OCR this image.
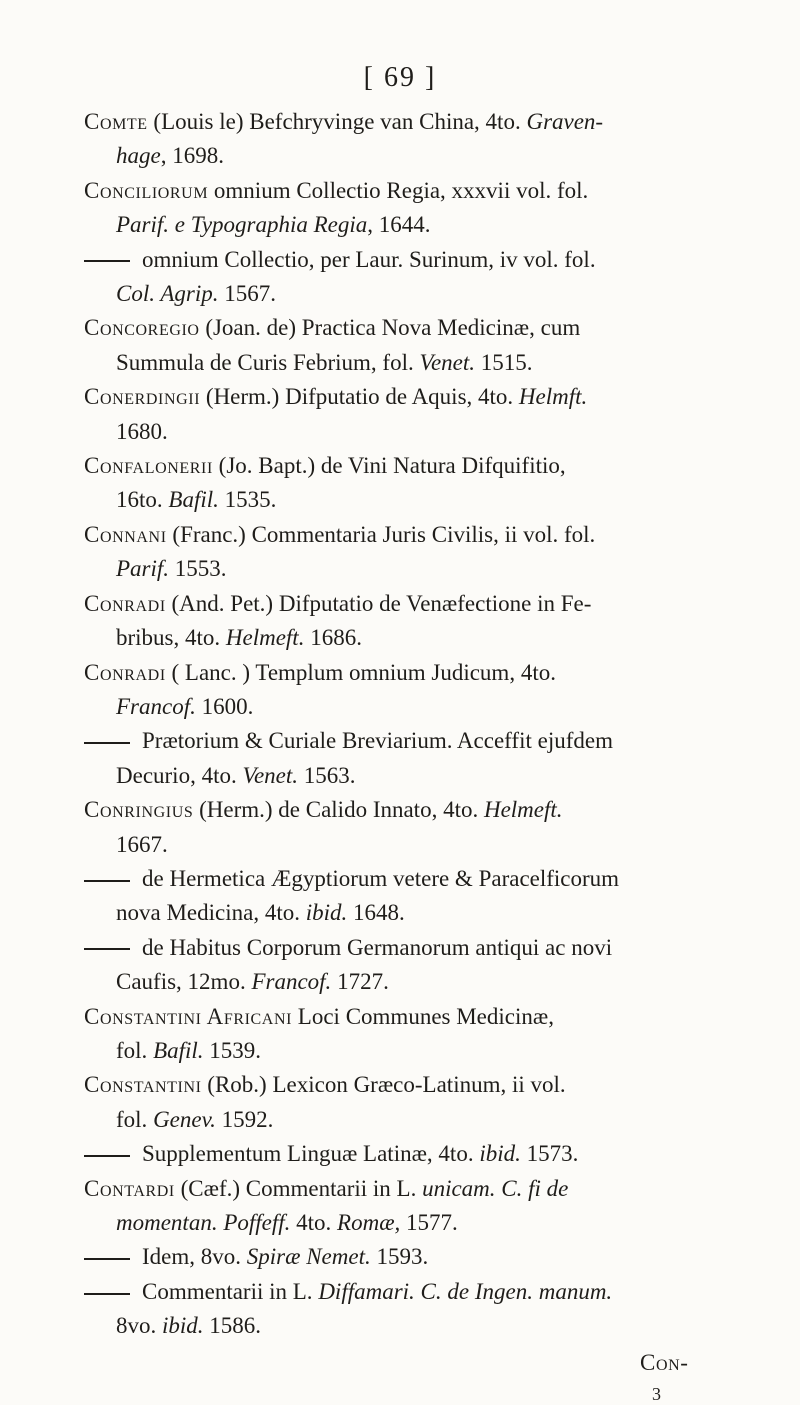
[ 69 ]
Comte (Louis le) Befchryvinge van China, 4to. Graven-
hage, 1698.
Conciliorum omnium Collectio Regia, xxxvii vol. fol.
Parif. e Typographia Regia, 1644.
omnium Collectio, per Laur. Surinum, iv vol. fol.
Col. Agrip. 1567.
Concoregio (Joan. de) Practica Nova Medicinæ, cum
Summula de Curis Febrium, fol. Venet. 1515.
Conerdingii (Herm.) Difputatio de Aquis, 4to. Helmft.
1680.
Confalonerii (Jo. Bapt.) de Vini Natura Difquifitio,
16to. Bafil. 1535.
Connani (Franc.) Commentaria Juris Civilis, ii vol. fol.
Parif. 1553.
Conradi (And. Pet.) Difputatio de Venæfectione in Fe-
bribus, 4to. Helmeft. 1686.
Conradi ( Lanc. ) Templum omnium Judicum, 4to.
Francof. 1600.
Prætorium & Curiale Breviarium. Acceffit ejufdem
Decurio, 4to. Venet. 1563.
Conringius (Herm.) de Calido Innato, 4to. Helmeft.
1667.
de Hermetica Ægyptiorum vetere & Paracelficorum
nova Medicina, 4to. ibid. 1648.
de Habitus Corporum Germanorum antiqui ac novi
Caufis, 12mo. Francof. 1727.
Constantini Africani Loci Communes Medicinæ,
fol. Bafil. 1539.
Constantini (Rob.) Lexicon Græco-Latinum, ii vol.
fol. Genev. 1592.
Supplementum Linguæ Latinæ, 4to. ibid. 1573.
Contardi (Cæf.) Commentarii in L. unicam. C. fi de
momentan. Poffeff. 4to. Romæ, 1577.
Idem, 8vo. Spiræ Nemet. 1593.
Commentarii in L. Diffamari. C. de Ingen. manum.
8vo. ibid. 1586.
Con-
3
